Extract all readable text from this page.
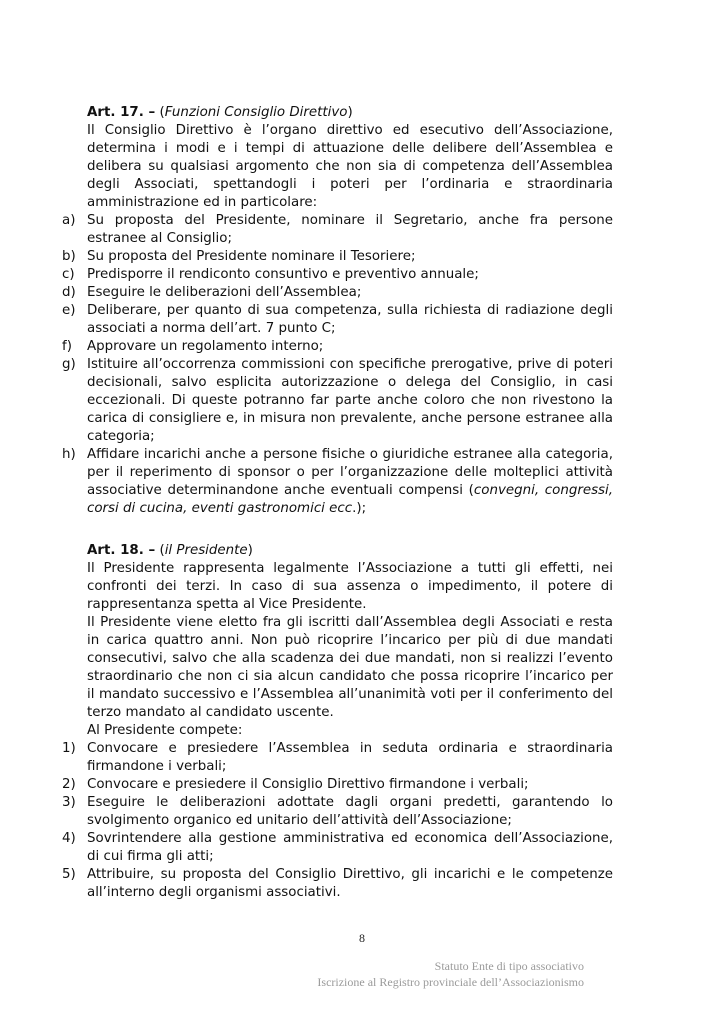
Art. 17. – (Funzioni Consiglio Direttivo)

Il Consiglio Direttivo è l’organo direttivo ed esecutivo dell’Associazione, determina i modi e i tempi di attuazione delle delibere dell’Assemblea e delibera su qualsiasi argomento che non sia di competenza dell’Assemblea degli Associati, spettandogli i poteri per l’ordinaria e straordinaria amministrazione ed in particolare:

a) Su proposta del Presidente, nominare il Segretario, anche fra persone estranee al Consiglio;
b) Su proposta del Presidente nominare il Tesoriere;
c) Predisporre il rendiconto consuntivo e preventivo annuale;
d) Eseguire le deliberazioni dell’Assemblea;
e) Deliberare, per quanto di sua competenza, sulla richiesta di radiazione degli associati a norma dell’art. 7 punto C;
f) Approvare un regolamento interno;
g) Istituire all’occorrenza commissioni con specifiche prerogative, prive di poteri decisionali, salvo esplicita autorizzazione o delega del Consiglio, in casi eccezionali. Di queste potranno far parte anche coloro che non rivestono la carica di consigliere e, in misura non prevalente, anche persone estranee alla categoria;
h) Affidare incarichi anche a persone fisiche o giuridiche estranee alla categoria, per il reperimento di sponsor o per l’organizzazione delle molteplici attività associative determinandone anche eventuali compensi (convegni, congressi, corsi di cucina, eventi gastronomici ecc.);

Art. 18. – (il Presidente)

Il Presidente rappresenta legalmente l’Associazione a tutti gli effetti, nei confronti dei terzi. In caso di sua assenza o impedimento, il potere di rappresentanza spetta al Vice Presidente.

Il Presidente viene eletto fra gli iscritti dall’Assemblea degli Associati e resta in carica quattro anni. Non può ricoprire l’incarico per più di due mandati consecutivi, salvo che alla scadenza dei due mandati, non si realizzi l’evento straordinario che non ci sia alcun candidato che possa ricoprire l’incarico per il mandato successivo e l’Assemblea all’unanimità voti per il conferimento del terzo mandato al candidato uscente.

Al Presidente compete:

1) Convocare e presiedere l’Assemblea in seduta ordinaria e straordinaria firmandone i verbali;
2) Convocare e presiedere il Consiglio Direttivo firmandone i verbali;
3) Eseguire le deliberazioni adottate dagli organi predetti, garantendo lo svolgimento organico ed unitario dell’attività dell’Associazione;
4) Sovrintendere alla gestione amministrativa ed economica dell’Associazione, di cui firma gli atti;
5) Attribuire, su proposta del Consiglio Direttivo, gli incarichi e le competenze all’interno degli organismi associativi.
8
Statuto Ente di tipo associativo
Iscrizione al Registro provinciale dell’Associazionismo
